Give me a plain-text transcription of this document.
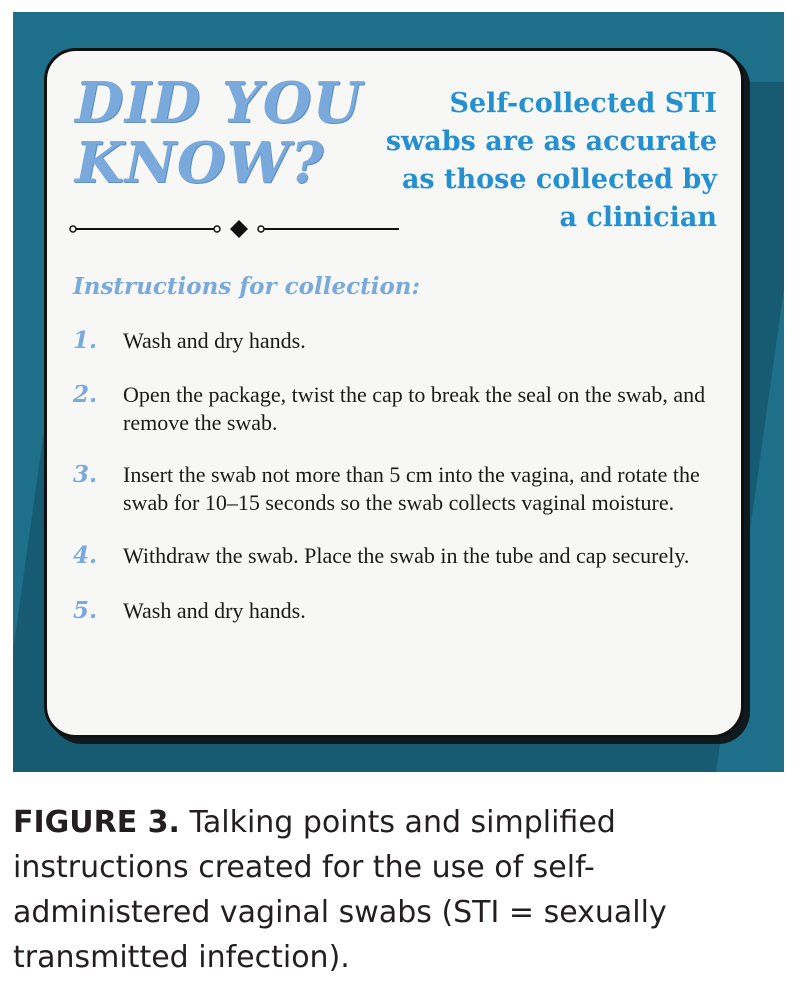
DID YOU
KNOW?

Self-collected STI swabs are as accurate as those collected by a clinician

Instructions for collection:
1.	Wash and dry hands.
2.	Open the package, twist the cap to break the seal on the swab, and remove the swab.
3.	Insert the swab not more than 5 cm into the vagina, and rotate the swab for 10–15 seconds so the swab collects vaginal moisture.
4.	Withdraw the swab. Place the swab in the tube and cap securely.
5.	Wash and dry hands.

FIGURE 3. Talking points and simplified instructions created for the use of self-administered vaginal swabs (STI = sexually transmitted infection).
